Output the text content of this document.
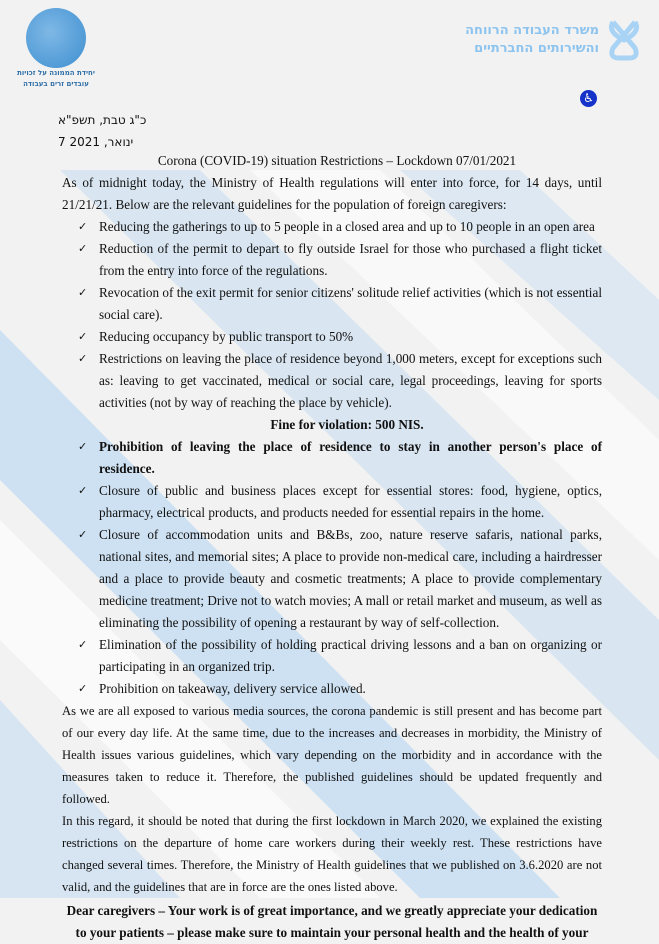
יחידת הממונה על זכויות
עובדים זרים בעבודה
משרד העבודה הרווחה
והשירותים החברתיים
♿
כ"ג טבת, תשפ"א
ינואר, 2021 7
Corona (COVID-19) situation Restrictions – Lockdown 07/01/2021
As of midnight today, the Ministry of Health regulations will enter into force, for 14 days, until 21/21/21. Below are the relevant guidelines for the population of foreign caregivers:
✓ Reducing the gatherings to up to 5 people in a closed area and up to 10 people in an open area
✓ Reduction of the permit to depart to fly outside Israel for those who purchased a flight ticket from the entry into force of the regulations.
✓ Revocation of the exit permit for senior citizens' solitude relief activities (which is not essential social care).
✓ Reducing occupancy by public transport to 50%
✓ Restrictions on leaving the place of residence beyond 1,000 meters, except for exceptions such as: leaving to get vaccinated, medical or social care, legal proceedings, leaving for sports activities (not by way of reaching the place by vehicle).
Fine for violation: 500 NIS.
✓ Prohibition of leaving the place of residence to stay in another person's place of residence.
✓ Closure of public and business places except for essential stores: food, hygiene, optics, pharmacy, electrical products, and products needed for essential repairs in the home.
✓ Closure of accommodation units and B&Bs, zoo, nature reserve safaris, national parks, national sites, and memorial sites; A place to provide non-medical care, including a hairdresser and a place to provide beauty and cosmetic treatments; A place to provide complementary medicine treatment; Drive not to watch movies; A mall or retail market and museum, as well as eliminating the possibility of opening a restaurant by way of self-collection.
✓ Elimination of the possibility of holding practical driving lessons and a ban on organizing or participating in an organized trip.
✓ Prohibition on takeaway, delivery service allowed.
As we are all exposed to various media sources, the corona pandemic is still present and has become part of our every day life. At the same time, due to the increases and decreases in morbidity, the Ministry of Health issues various guidelines, which vary depending on the morbidity and in accordance with the measures taken to reduce it. Therefore, the published guidelines should be updated frequently and followed.
In this regard, it should be noted that during the first lockdown in March 2020, we explained the existing restrictions on the departure of home care workers during their weekly rest. These restrictions have changed several times. Therefore, the Ministry of Health guidelines that we published on 3.6.2020 are not valid, and the guidelines that are in force are the ones listed above.
Dear caregivers – Your work is of great importance, and we greatly appreciate your dedication to your patients – please make sure to maintain your personal health and the health of your
